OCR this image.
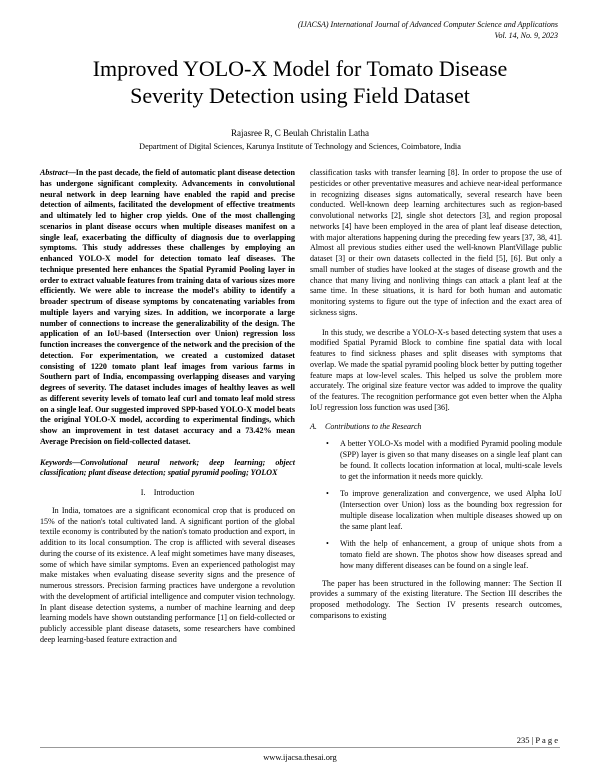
(IJACSA) International Journal of Advanced Computer Science and Applications
Vol. 14, No. 9, 2023
Improved YOLO-X Model for Tomato Disease
Severity Detection using Field Dataset
Rajasree R, C Beulah Christalin Latha
Department of Digital Sciences, Karunya Institute of Technology and Sciences, Coimbatore, India

Abstract—In the past decade, the field of automatic plant disease detection has undergone significant complexity. Advancements in convolutional neural network in deep learning have enabled the rapid and precise detection of ailments, facilitated the development of effective treatments and ultimately led to higher crop yields. One of the most challenging scenarios in plant disease occurs when multiple diseases manifest on a single leaf, exacerbating the difficulty of diagnosis due to overlapping symptoms. This study addresses these challenges by employing an enhanced YOLO-X model for detection tomato leaf diseases. The technique presented here enhances the Spatial Pyramid Pooling layer in order to extract valuable features from training data of various sizes more efficiently. We were able to increase the model's ability to identify a broader spectrum of disease symptoms by concatenating variables from multiple layers and varying sizes. In addition, we incorporate a large number of connections to increase the generalizability of the design. The application of an IoU-based (Intersection over Union) regression loss function increases the convergence of the network and the precision of the detection. For experimentation, we created a customized dataset consisting of 1220 tomato plant leaf images from various farms in Southern part of India, encompassing overlapping diseases and varying degrees of severity. The dataset includes images of healthy leaves as well as different severity levels of tomato leaf curl and tomato leaf mold stress on a single leaf. Our suggested improved SPP-based YOLO-X model beats the original YOLO-X model, according to experimental findings, which show an improvement in test dataset accuracy and a 73.42% mean Average Precision on field-collected dataset.

Keywords—Convolutional neural network; deep learning; object classification; plant disease detection; spatial pyramid pooling; YOLOX

I. Introduction

In India, tomatoes are a significant economical crop that is produced on 15% of the nation's total cultivated land. A significant portion of the global textile economy is contributed by the nation's tomato production and export, in addition to its local consumption. The crop is afflicted with several diseases during the course of its existence. A leaf might sometimes have many diseases, some of which have similar symptoms. Even an experienced pathologist may make mistakes when evaluating disease severity signs and the presence of numerous stressors. Precision farming practices have undergone a revolution with the development of artificial intelligence and computer vision technology. In plant disease detection systems, a number of machine learning and deep learning models have shown outstanding performance [1] on field-collected or publicly accessible plant disease datasets, some researchers have combined deep learning-based feature extraction and

classification tasks with transfer learning [8]. In order to propose the use of pesticides or other preventative measures and achieve near-ideal performance in recognizing diseases signs automatically, several research have been conducted. Well-known deep learning architectures such as region-based convolutional networks [2], single shot detectors [3], and region proposal networks [4] have been employed in the area of plant leaf disease detection, with major alterations happening during the preceding few years [37, 38, 41]. Almost all previous studies either used the well-known PlantVillage public dataset [3] or their own datasets collected in the field [5], [6]. But only a small number of studies have looked at the stages of disease growth and the chance that many living and nonliving things can attack a plant leaf at the same time. In these situations, it is hard for both human and automatic monitoring systems to figure out the type of infection and the exact area of sickness signs.

In this study, we describe a YOLO-X-s based detecting system that uses a modified Spatial Pyramid Block to combine fine spatial data with local features to find sickness phases and split diseases with symptoms that overlap. We made the spatial pyramid pooling block better by putting together feature maps at low-level scales. This helped us solve the problem more accurately. The original size feature vector was added to improve the quality of the features. The recognition performance got even better when the Alpha IoU regression loss function was used [36].

A. Contributions to the Research

• A better YOLO-Xs model with a modified Pyramid pooling module (SPP) layer is given so that many diseases on a single leaf plant can be found. It collects location information at local, multi-scale levels to get the information it needs more quickly.
• To improve generalization and convergence, we used Alpha IoU (Intersection over Union) loss as the bounding box regression for multiple disease localization when multiple diseases showed up on the same plant leaf.
• With the help of enhancement, a group of unique shots from a tomato field are shown. The photos show how diseases spread and how many different diseases can be found on a single leaf.

The paper has been structured in the following manner: The Section II provides a summary of the existing literature. The Section III describes the proposed methodology. The Section IV presents research outcomes, comparisons to existing

235 | P a g e
www.ijacsa.thesai.org
